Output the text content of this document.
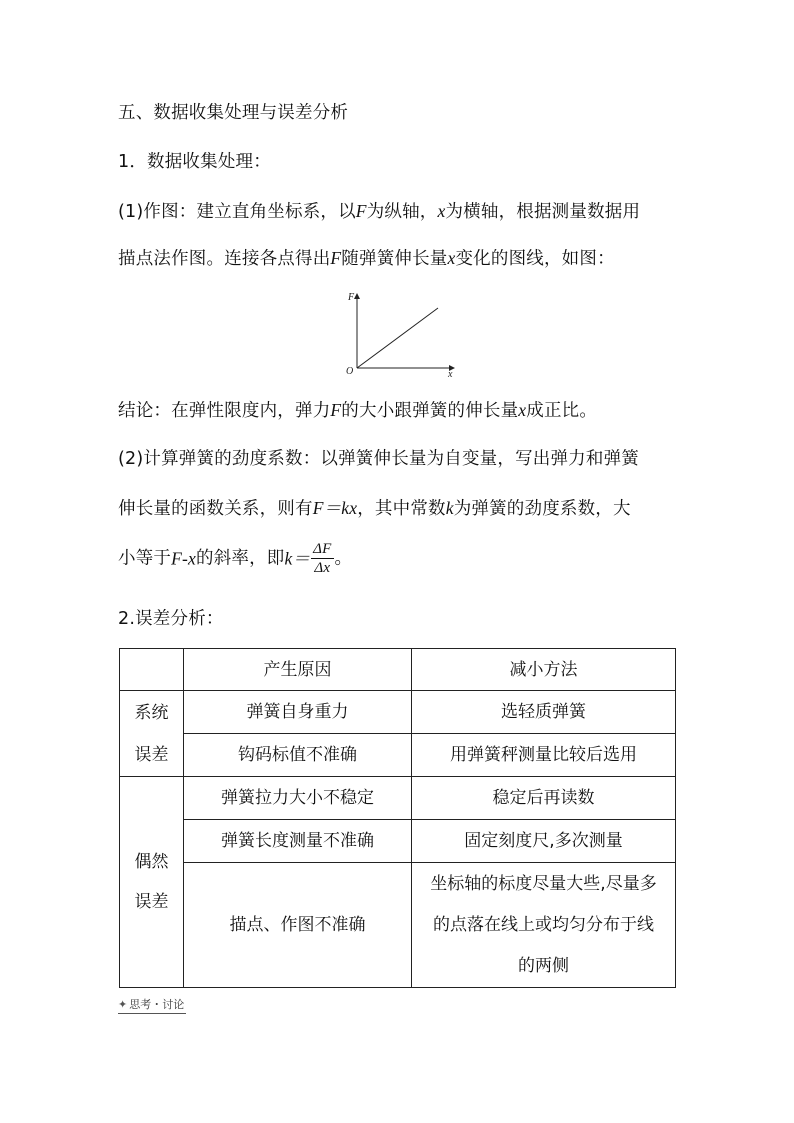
五、数据收集处理与误差分析
1．数据收集处理：
(1)作图：建立直角坐标系，以F为纵轴，x为横轴，根据测量数据用
描点法作图。连接各点得出F随弹簧伸长量x变化的图线，如图：
F
x
O
结论：在弹性限度内，弹力F的大小跟弹簧的伸长量x成正比。
(2)计算弹簧的劲度系数：以弹簧伸长量为自变量，写出弹力和弹簧
伸长量的函数关系，则有F＝kx，其中常数k为弹簧的劲度系数，大
小等于F-x的斜率，即$k= \frac{\Delta F}{\Delta x}$ 。
2.误差分析：
	产生原因	减小方法

系统
误差	弹簧自身重力	选轻质弹簧
	钩码标值不准确	用弹簧秤测量比较后选用

偶然
误差	弹簧拉力大小不稳定	稳定后再读数
	弹簧长度测量不准确	固定刻度尺,多次测量
	描点、作图不准确	坐标轴的标度尽量大些,尽量多
的点落在线上或均匀分布于线
的两侧
✦ 思考・讨论
